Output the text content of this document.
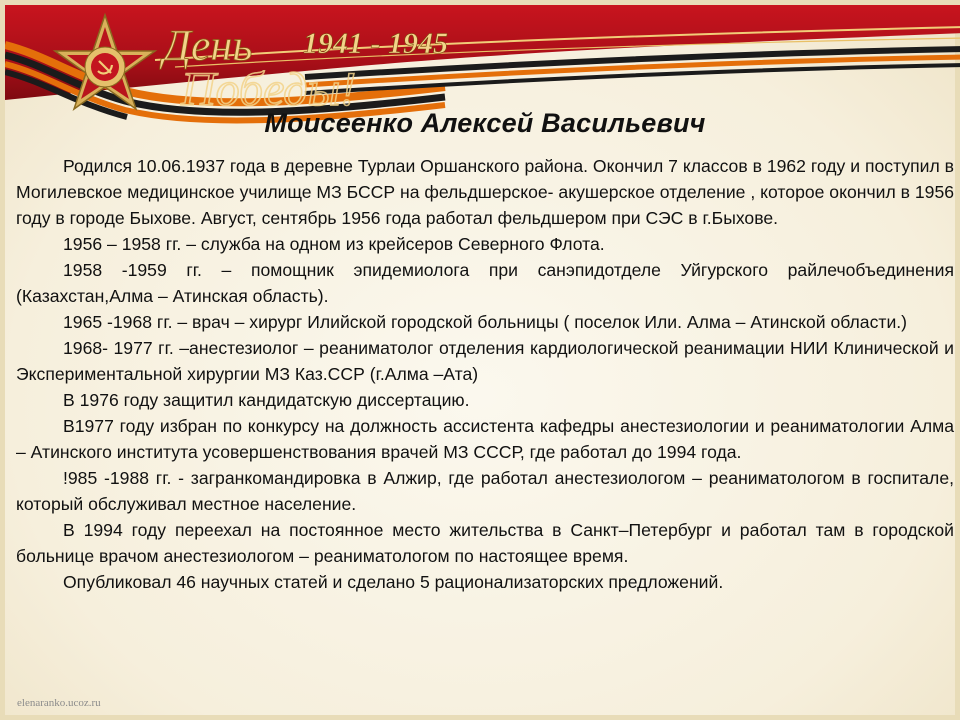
День
Победы!
1941 - 1945
Моисеенко Алексей Васильевич

Родился 10.06.1937 года в деревне Турлаи Оршанского района. Окончил 7 классов в 1962 году и поступил в Могилевское медицинское училище МЗ БССР на фельдшерское- акушерское отделение , которое окончил в 1956 году в городе Быхове. Август, сентябрь 1956 года работал фельдшером при СЭС в г.Быхове.

1956 – 1958 гг. – служба на одном из крейсеров Северного Флота.

1958 -1959 гг. – помощник эпидемиолога при санэпидотделе Уйгурского райлечобъединения (Казахстан,Алма – Атинская область).

1965 -1968 гг. – врач – хирург Илийской городской больницы ( поселок Или. Алма – Атинской области.)

1968- 1977 гг. –анестезиолог – реаниматолог отделения кардиологической реанимации НИИ Клинической и Экспериментальной хирургии МЗ Каз.ССР (г.Алма –Ата)

В 1976 году защитил кандидатскую диссертацию.

В1977 году избран по конкурсу на должность ассистента кафедры анестезиологии и реаниматологии Алма – Атинского института усовершенствования врачей МЗ СССР, где работал до 1994 года.

!985 -1988 гг. - загранкомандировка в Алжир, где работал анестезиологом – реаниматологом в госпитале, который обслуживал местное население.

В 1994 году переехал на постоянное место жительства в Санкт–Петербург и работал там в городской больнице врачом анестезиологом – реаниматологом по настоящее время.

Опубликовал 46 научных статей и сделано 5 рационализаторских предложений.

elenaranko.ucoz.ru
